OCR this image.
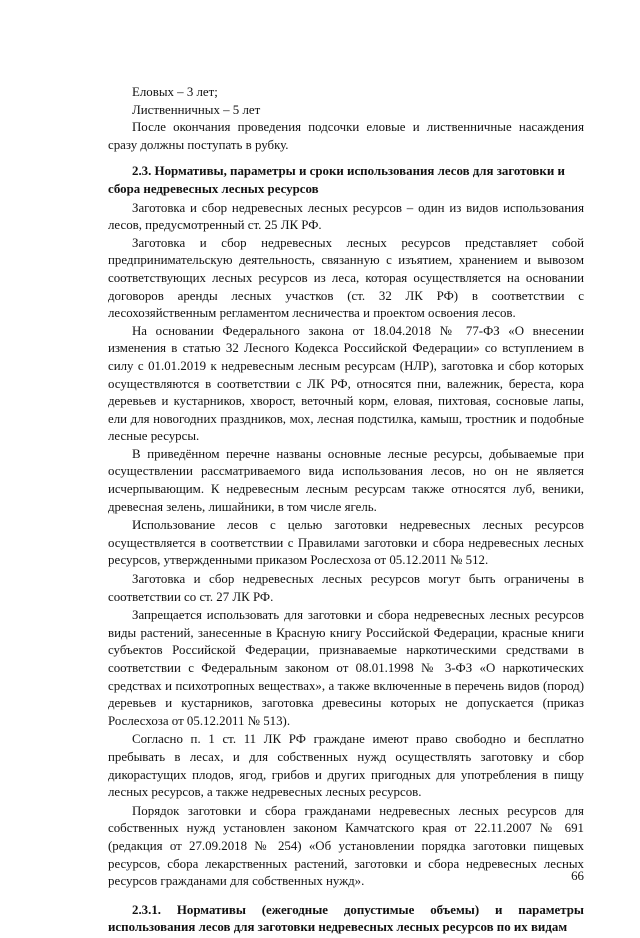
Еловых – 3 лет;

Лиственничных – 5 лет

После окончания проведения подсочки еловые и лиственничные насаждения сразу должны поступать в рубку.

2.3. Нормативы, параметры и сроки использования лесов для заготовки и сбора недревесных лесных ресурсов

Заготовка и сбор недревесных лесных ресурсов – один из видов использования лесов, предусмотренный ст. 25 ЛК РФ.

Заготовка и сбор недревесных лесных ресурсов представляет собой предпринимательскую деятельность, связанную с изъятием, хранением и вывозом соответствующих лесных ресурсов из леса, которая осуществляется на основании договоров аренды лесных участков (ст. 32 ЛК РФ) в соответствии с лесохозяйственным регламентом лесничества и проектом освоения лесов.

На основании Федерального закона от 18.04.2018 № 77-ФЗ «О внесении изменения в статью 32 Лесного Кодекса Российской Федерации» со вступлением в силу с 01.01.2019 к недревесным лесным ресурсам (НЛР), заготовка и сбор которых осуществляются в соответствии с ЛК РФ, относятся пни, валежник, береста, кора деревьев и кустарников, хворост, веточный корм, еловая, пихтовая, сосновые лапы, ели для новогодних праздников, мох, лесная подстилка, камыш, тростник и подобные лесные ресурсы.

В приведённом перечне названы основные лесные ресурсы, добываемые при осуществлении рассматриваемого вида использования лесов, но он не является исчерпывающим. К недревесным лесным ресурсам также относятся луб, веники, древесная зелень, лишайники, в том числе ягель.

Использование лесов с целью заготовки недревесных лесных ресурсов осуществляется в соответствии с Правилами заготовки и сбора недревесных лесных ресурсов, утвержденными приказом Рослесхоза от 05.12.2011 № 512.

Заготовка и сбор недревесных лесных ресурсов могут быть ограничены в соответствии со ст. 27 ЛК РФ.

Запрещается использовать для заготовки и сбора недревесных лесных ресурсов виды растений, занесенные в Красную книгу Российской Федерации, красные книги субъектов Российской Федерации, признаваемые наркотическими средствами в соответствии с Федеральным законом от 08.01.1998 № 3-ФЗ «О наркотических средствах и психотропных веществах», а также включенные в перечень видов (пород) деревьев и кустарников, заготовка древесины которых не допускается (приказ Рослесхоза от 05.12.2011 № 513).

Согласно п. 1 ст. 11 ЛК РФ граждане имеют право свободно и бесплатно пребывать в лесах, и для собственных нужд осуществлять заготовку и сбор дикорастущих плодов, ягод, грибов и других пригодных для употребления в пищу лесных ресурсов, а также недревесных лесных ресурсов.

Порядок заготовки и сбора гражданами недревесных лесных ресурсов для собственных нужд установлен законом Камчатского края от 22.11.2007 № 691 (редакция от 27.09.2018 № 254) «Об установлении порядка заготовки пищевых ресурсов, сбора лекарственных растений, заготовки и сбора недревесных лесных ресурсов гражданами для собственных нужд».

2.3.1. Нормативы (ежегодные допустимые объемы) и параметры использования лесов для заготовки недревесных лесных ресурсов по их видам
66
